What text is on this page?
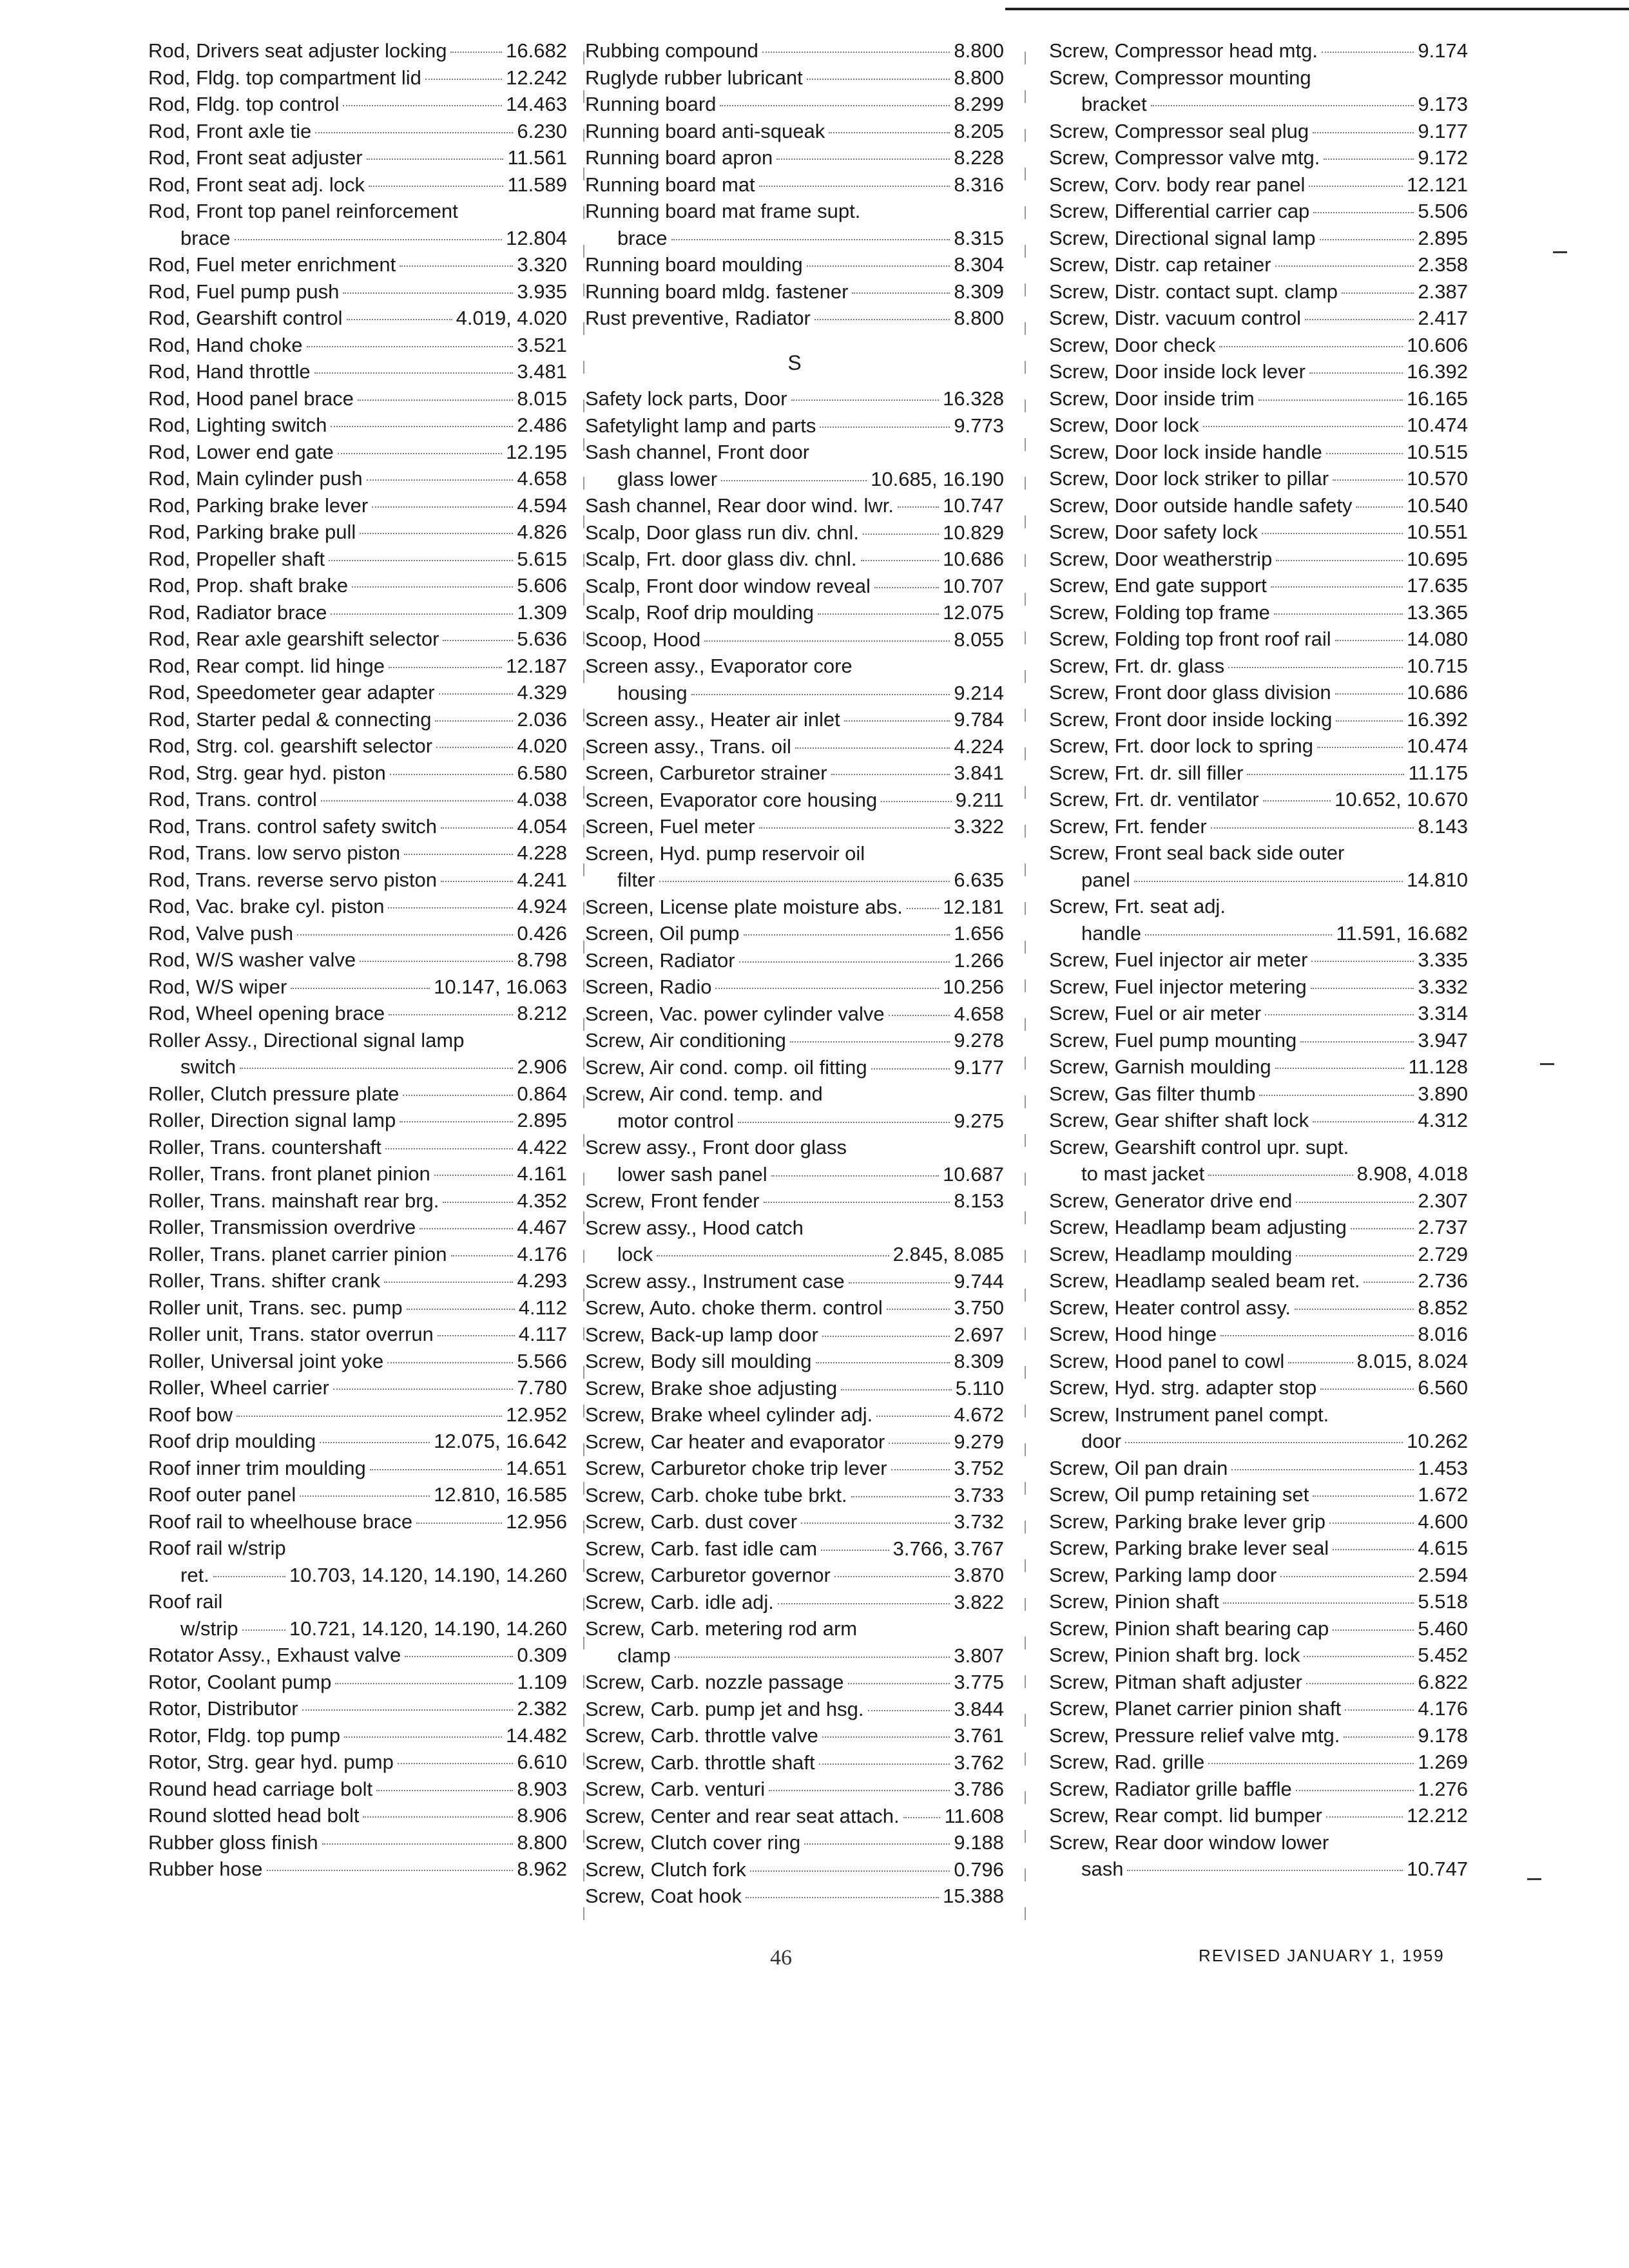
Rod, Drivers seat adjuster locking	16.682
Rod, Fldg. top compartment lid	12.242
Rod, Fldg. top control	14.463
Rod, Front axle tie	6.230
Rod, Front seat adjuster	11.561
Rod, Front seat adj. lock	11.589
Rod, Front top panel reinforcement
brace	12.804
Rod, Fuel meter enrichment	3.320
Rod, Fuel pump push	3.935
Rod, Gearshift control	4.019, 4.020
Rod, Hand choke	3.521
Rod, Hand throttle	3.481
Rod, Hood panel brace	8.015
Rod, Lighting switch	2.486
Rod, Lower end gate	12.195
Rod, Main cylinder push	4.658
Rod, Parking brake lever	4.594
Rod, Parking brake pull	4.826
Rod, Propeller shaft	5.615
Rod, Prop. shaft brake	5.606
Rod, Radiator brace	1.309
Rod, Rear axle gearshift selector	5.636
Rod, Rear compt. lid hinge	12.187
Rod, Speedometer gear adapter	4.329
Rod, Starter pedal & connecting	2.036
Rod, Strg. col. gearshift selector	4.020
Rod, Strg. gear hyd. piston	6.580
Rod, Trans. control	4.038
Rod, Trans. control safety switch	4.054
Rod, Trans. low servo piston	4.228
Rod, Trans. reverse servo piston	4.241
Rod, Vac. brake cyl. piston	4.924
Rod, Valve push	0.426
Rod, W/S washer valve	8.798
Rod, W/S wiper	10.147, 16.063
Rod, Wheel opening brace	8.212
Roller Assy., Directional signal lamp
switch	2.906
Roller, Clutch pressure plate	0.864
Roller, Direction signal lamp	2.895
Roller, Trans. countershaft	4.422
Roller, Trans. front planet pinion	4.161
Roller, Trans. mainshaft rear brg.	4.352
Roller, Transmission overdrive	4.467
Roller, Trans. planet carrier pinion	4.176
Roller, Trans. shifter crank	4.293
Roller unit, Trans. sec. pump	4.112
Roller unit, Trans. stator overrun	4.117
Roller, Universal joint yoke	5.566
Roller, Wheel carrier	7.780
Roof bow	12.952
Roof drip moulding	12.075, 16.642
Roof inner trim moulding	14.651
Roof outer panel	12.810, 16.585
Roof rail to wheelhouse brace	12.956
Roof rail w/strip
ret.	10.703, 14.120, 14.190, 14.260
Roof rail
w/strip	10.721, 14.120, 14.190, 14.260
Rotator Assy., Exhaust valve	0.309
Rotor, Coolant pump	1.109
Rotor, Distributor	2.382
Rotor, Fldg. top pump	14.482
Rotor, Strg. gear hyd. pump	6.610
Round head carriage bolt	8.903
Round slotted head bolt	8.906
Rubber gloss finish	8.800
Rubber hose	8.962
Rubbing compound	8.800
Ruglyde rubber lubricant	8.800
Running board	8.299
Running board anti-squeak	8.205
Running board apron	8.228
Running board mat	8.316
Running board mat frame supt.
brace	8.315
Running board moulding	8.304
Running board mldg. fastener	8.309
Rust preventive, Radiator	8.800
S
Safety lock parts, Door	16.328
Safetylight lamp and parts	9.773
Sash channel, Front door
glass lower	10.685, 16.190
Sash channel, Rear door wind. lwr. 10.747
Scalp, Door glass run div. chnl.	10.829
Scalp, Frt. door glass div. chnl.	10.686
Scalp, Front door window reveal	10.707
Scalp, Roof drip moulding	12.075
Scoop, Hood	8.055
Screen assy., Evaporator core
housing	9.214
Screen assy., Heater air inlet	9.784
Screen assy., Trans. oil	4.224
Screen, Carburetor strainer	3.841
Screen, Evaporator core housing	9.211
Screen, Fuel meter	3.322
Screen, Hyd. pump reservoir oil
filter	6.635
Screen, License plate moisture abs. 12.181
Screen, Oil pump	1.656
Screen, Radiator	1.266
Screen, Radio	10.256
Screen, Vac. power cylinder valve	4.658
Screw, Air conditioning	9.278
Screw, Air cond. comp. oil fitting	9.177
Screw, Air cond. temp. and
motor control	9.275
Screw assy., Front door glass
lower sash panel	10.687
Screw, Front fender	8.153
Screw assy., Hood catch
lock	2.845, 8.085
Screw assy., Instrument case	9.744
Screw, Auto. choke therm. control	3.750
Screw, Back-up lamp door	2.697
Screw, Body sill moulding	8.309
Screw, Brake shoe adjusting	5.110
Screw, Brake wheel cylinder adj.	4.672
Screw, Car heater and evaporator	9.279
Screw, Carburetor choke trip lever	3.752
Screw, Carb. choke tube brkt.	3.733
Screw, Carb. dust cover	3.732
Screw, Carb. fast idle cam	3.766, 3.767
Screw, Carburetor governor	3.870
Screw, Carb. idle adj.	3.822
Screw, Carb. metering rod arm
clamp	3.807
Screw, Carb. nozzle passage	3.775
Screw, Carb. pump jet and hsg.	3.844
Screw, Carb. throttle valve	3.761
Screw, Carb. throttle shaft	3.762
Screw, Carb. venturi	3.786
Screw, Center and rear seat attach. 11.608
Screw, Clutch cover ring	9.188
Screw, Clutch fork	0.796
Screw, Coat hook	15.388
Screw, Compressor head mtg.	9.174
Screw, Compressor mounting
bracket	9.173
Screw, Compressor seal plug	9.177
Screw, Compressor valve mtg.	9.172
Screw, Corv. body rear panel	12.121
Screw, Differential carrier cap	5.506
Screw, Directional signal lamp	2.895
Screw, Distr. cap retainer	2.358
Screw, Distr. contact supt. clamp	2.387
Screw, Distr. vacuum control	2.417
Screw, Door check	10.606
Screw, Door inside lock lever	16.392
Screw, Door inside trim	16.165
Screw, Door lock	10.474
Screw, Door lock inside handle	10.515
Screw, Door lock striker to pillar	10.570
Screw, Door outside handle safety	10.540
Screw, Door safety lock	10.551
Screw, Door weatherstrip	10.695
Screw, End gate support	17.635
Screw, Folding top frame	13.365
Screw, Folding top front roof rail	14.080
Screw, Frt. dr. glass	10.715
Screw, Front door glass division	10.686
Screw, Front door inside locking	16.392
Screw, Frt. door lock to spring	10.474
Screw, Frt. dr. sill filler	11.175
Screw, Frt. dr. ventilator	10.652, 10.670
Screw, Frt. fender	8.143
Screw, Front seal back side outer
panel	14.810
Screw, Frt. seat adj.
handle	11.591, 16.682
Screw, Fuel injector air meter	3.335
Screw, Fuel injector metering	3.332
Screw, Fuel or air meter	3.314
Screw, Fuel pump mounting	3.947
Screw, Garnish moulding	11.128
Screw, Gas filter thumb	3.890
Screw, Gear shifter shaft lock	4.312
Screw, Gearshift control upr. supt.
to mast jacket	8.908, 4.018
Screw, Generator drive end	2.307
Screw, Headlamp beam adjusting	2.737
Screw, Headlamp moulding	2.729
Screw, Headlamp sealed beam ret.	2.736
Screw, Heater control assy.	8.852
Screw, Hood hinge	8.016
Screw, Hood panel to cowl	8.015, 8.024
Screw, Hyd. strg. adapter stop	6.560
Screw, Instrument panel compt.
door	10.262
Screw, Oil pan drain	1.453
Screw, Oil pump retaining set	1.672
Screw, Parking brake lever grip	4.600
Screw, Parking brake lever seal	4.615
Screw, Parking lamp door	2.594
Screw, Pinion shaft	5.518
Screw, Pinion shaft bearing cap	5.460
Screw, Pinion shaft brg. lock	5.452
Screw, Pitman shaft adjuster	6.822
Screw, Planet carrier pinion shaft	4.176
Screw, Pressure relief valve mtg.	9.178
Screw, Rad. grille	1.269
Screw, Radiator grille baffle	1.276
Screw, Rear compt. lid bumper	12.212
Screw, Rear door window lower
sash	10.747
46	REVISED JANUARY 1, 1959
